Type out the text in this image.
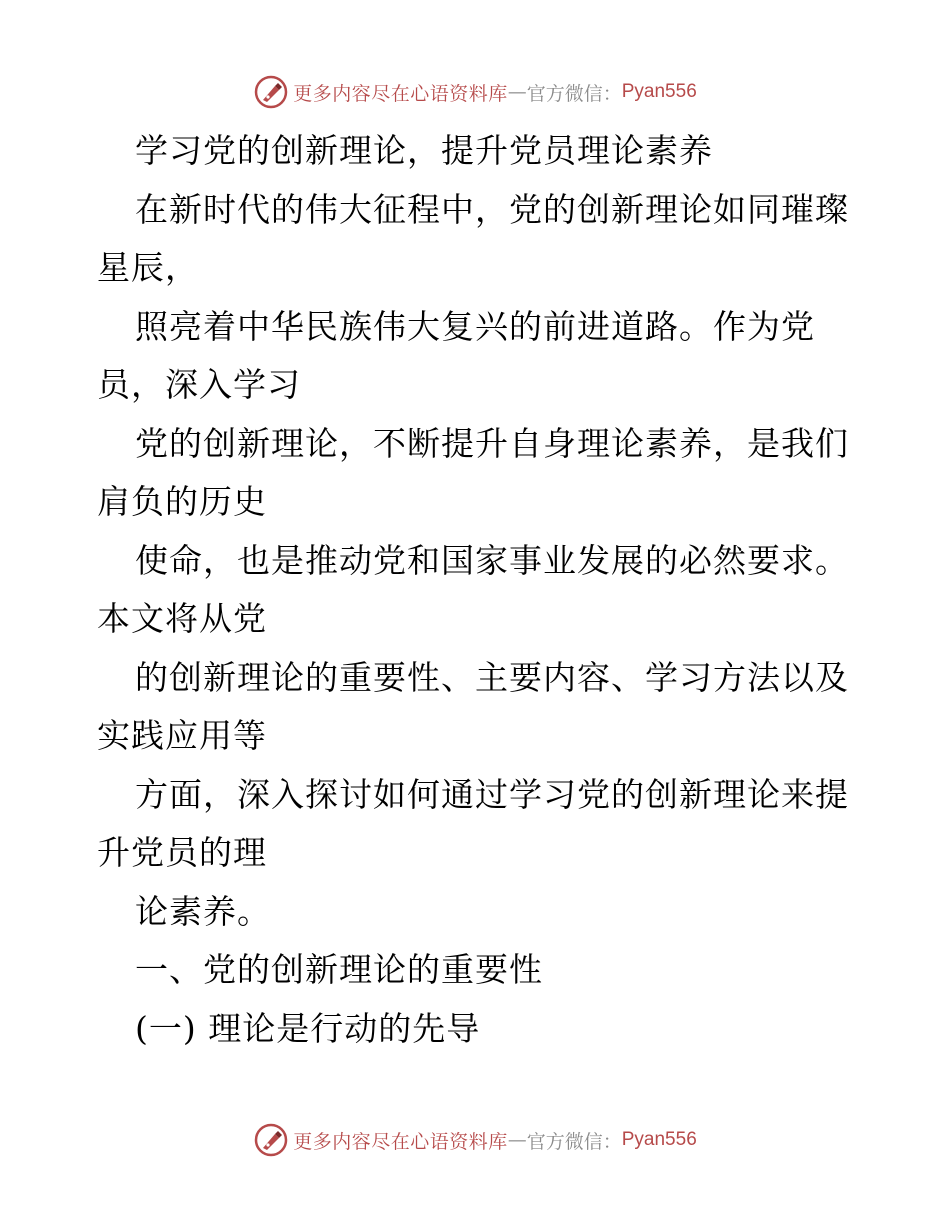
更多内容尽在心语资料库 — 官方微信： Pyan556
学习党的创新理论，提升党员理论素养
在新时代的伟大征程中，党的创新理论如同璀璨
星辰，
照亮着中华民族伟大复兴的前进道路。作为党
员，深入学习
党的创新理论，不断提升自身理论素养，是我们
肩负的历史
使命，也是推动党和国家事业发展的必然要求。
本文将从党
的创新理论的重要性、主要内容、学习方法以及
实践应用等
方面，深入探讨如何通过学习党的创新理论来提
升党员的理
论素养。
一、党的创新理论的重要性
(一) 理论是行动的先导
更多内容尽在心语资料库 — 官方微信： Pyan556
